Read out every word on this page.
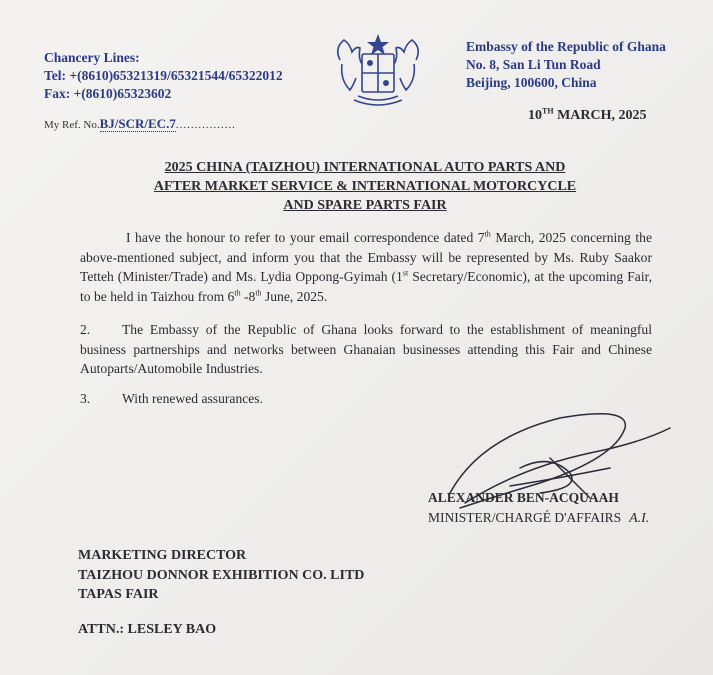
Chancery Lines:
Tel: +(8610)65321319/65321544/65322012
Fax: +(8610)65323602
Embassy of the Republic of Ghana
No. 8, San Li Tun Road
Beijing, 100600, China
My Ref. No.BJ/SCR/EC.7................
10TH MARCH, 2025
2025 CHINA (TAIZHOU) INTERNATIONAL AUTO PARTS AND
AFTER MARKET SERVICE & INTERNATIONAL MOTORCYCLE
AND SPARE PARTS FAIR
I have the honour to refer to your email correspondence dated 7th March, 2025 concerning the above-mentioned subject, and inform you that the Embassy will be represented by Ms. Ruby Saakor Tetteh (Minister/Trade) and Ms. Lydia Oppong-Gyimah (1st Secretary/Economic), at the upcoming Fair, to be held in Taizhou from 6th -8th June, 2025.
2. The Embassy of the Republic of Ghana looks forward to the establishment of meaningful business partnerships and networks between Ghanaian businesses attending this Fair and Chinese Autoparts/Automobile Industries.
3. With renewed assurances.
ALEXANDER BEN-ACQUAAH
MINISTER/CHARGÉ D'AFFAIRS A.I.
MARKETING DIRECTOR
TAIZHOU DONNOR EXHIBITION CO. LITD
TAPAS FAIR
ATTN.: LESLEY BAO
